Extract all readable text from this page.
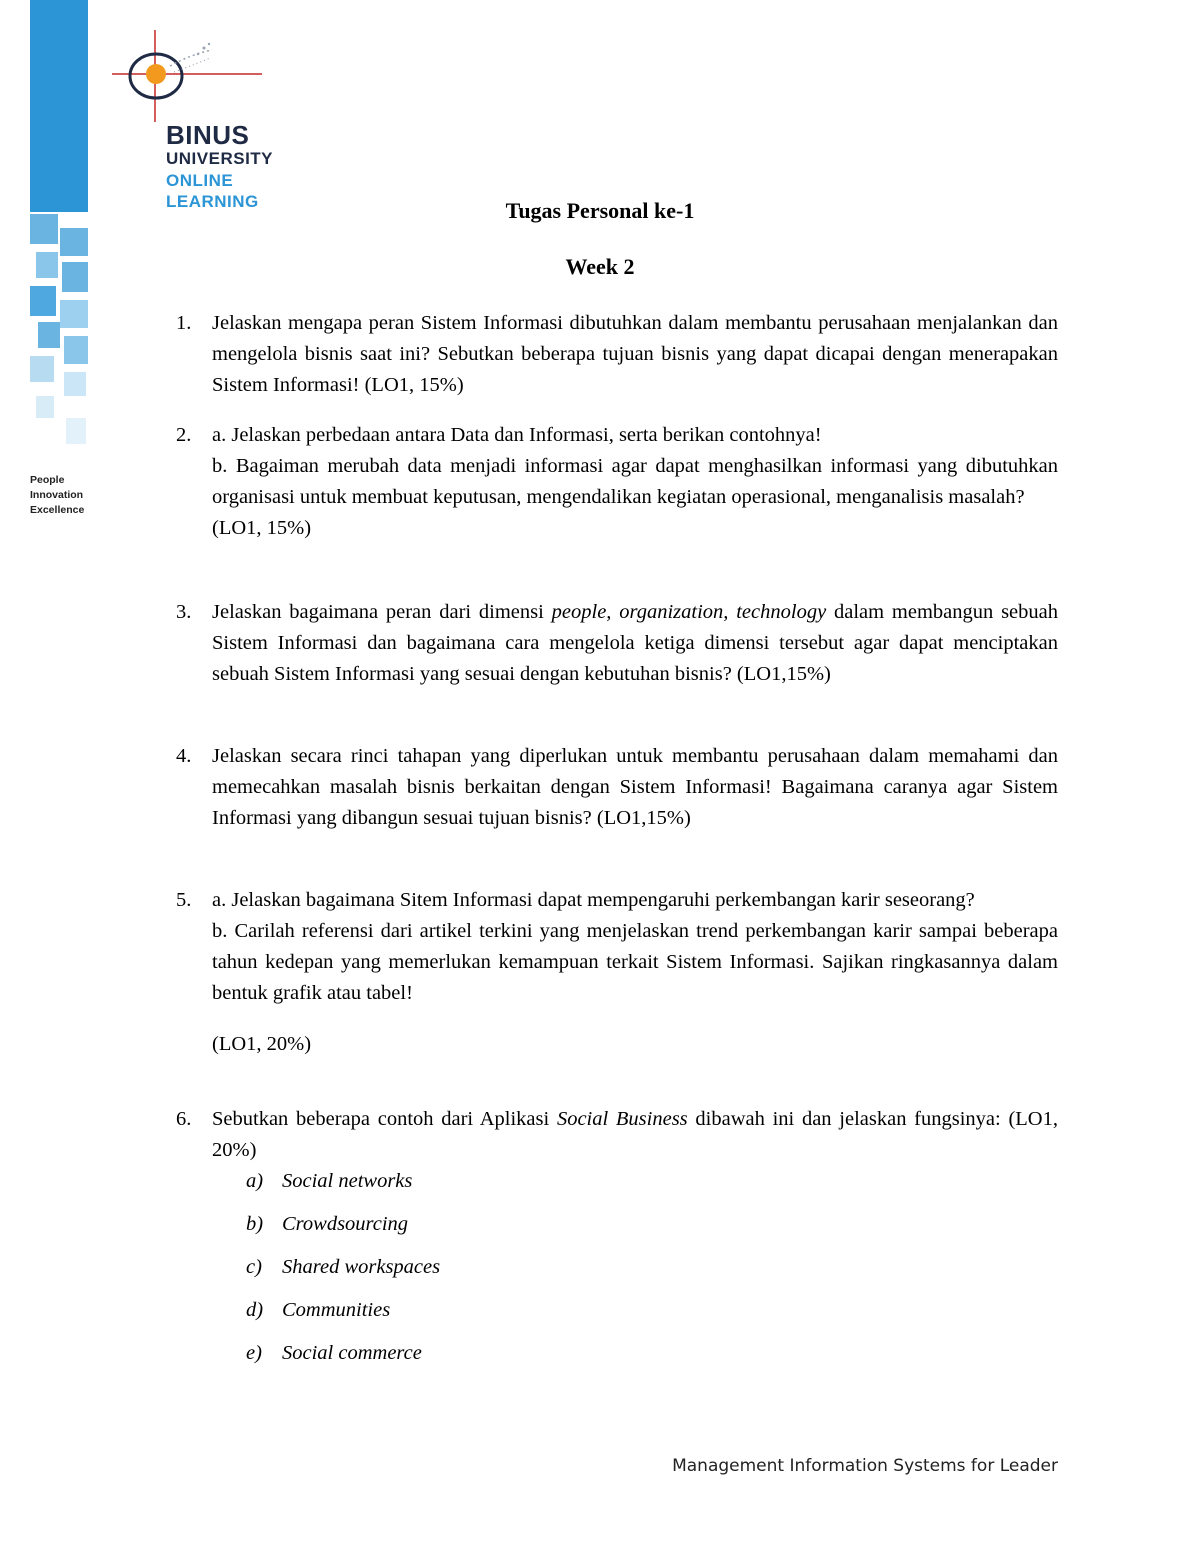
People
Innovation
Excellence
BINUS
UNIVERSITY
ONLINE
LEARNING	Tugas Personal ke-1
Week 2
1.	Jelaskan mengapa peran Sistem Informasi dibutuhkan dalam membantu perusahaan menjalankan dan mengelola bisnis saat ini? Sebutkan beberapa tujuan bisnis yang dapat dicapai dengan menerapakan Sistem Informasi! (LO1, 15%)
2.	a. Jelaskan perbedaan antara Data dan Informasi, serta berikan contohnya!
b. Bagaiman merubah data menjadi informasi agar dapat menghasilkan informasi yang dibutuhkan organisasi untuk membuat keputusan, mengendalikan kegiatan operasional, menganalisis masalah?
(LO1, 15%)
3.	Jelaskan bagaimana peran dari dimensi people, organization, technology dalam membangun sebuah Sistem Informasi dan bagaimana cara mengelola ketiga dimensi tersebut agar dapat menciptakan sebuah Sistem Informasi yang sesuai dengan kebutuhan bisnis? (LO1,15%)
4.	Jelaskan secara rinci tahapan yang diperlukan untuk membantu perusahaan dalam memahami dan memecahkan masalah bisnis berkaitan dengan Sistem Informasi! Bagaimana caranya agar Sistem Informasi yang dibangun sesuai tujuan bisnis? (LO1,15%)
5.	a. Jelaskan bagaimana Sitem Informasi dapat mempengaruhi perkembangan karir seseorang?
b. Carilah referensi dari artikel terkini yang menjelaskan trend perkembangan karir sampai beberapa tahun kedepan yang memerlukan kemampuan terkait Sistem Informasi. Sajikan ringkasannya dalam bentuk grafik atau tabel!
(LO1, 20%)
6.	Sebutkan beberapa contoh dari Aplikasi Social Business dibawah ini dan jelaskan fungsinya: (LO1, 20%)
a) Social networks
b) Crowdsourcing
c) Shared workspaces
d) Communities
e) Social commerce
Management Information Systems for Leader
